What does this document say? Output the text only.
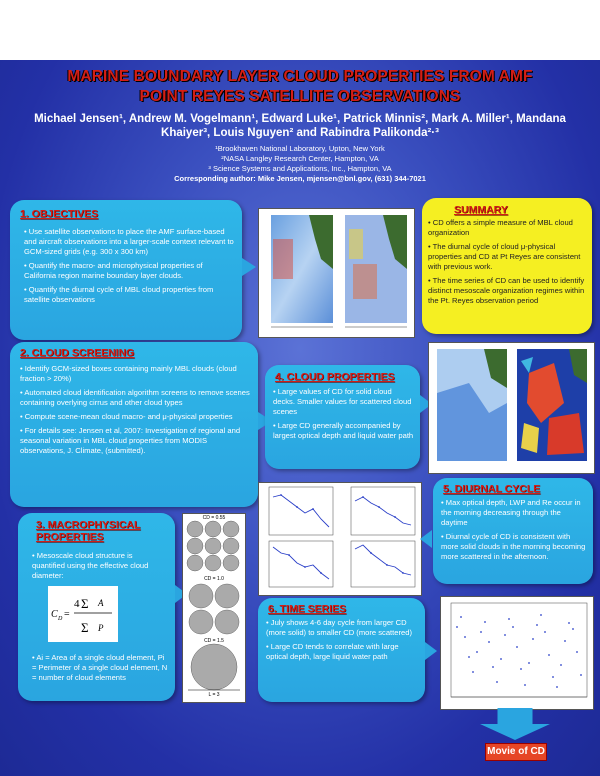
MARINE BOUNDARY LAYER CLOUD PROPERTIES FROM AMF
POINT REYES SATELLITE OBSERVATIONS
Michael Jensen¹, Andrew M. Vogelmann¹, Edward Luke¹, Patrick Minnis², Mark A. Miller¹, Mandana
Khaiyer³, Louis Nguyen² and Rabindra Palikonda²·³
¹Brookhaven National Laboratory, Upton, New York
²NASA Langley Research Center, Hampton, VA
³ Science Systems and Applications, Inc., Hampton, VA
Corresponding author: Mike Jensen, mjensen@bnl.gov, (631) 344-7021
1. OBJECTIVES

• Use satellite observations to place the AMF surface-based and aircraft observations into a larger-scale context relevant to GCM-sized grids (e.g. 300 x 300 km)

• Quantify the macro- and microphysical properties of California region marine boundary layer clouds.

• Quantify the diurnal cycle of MBL cloud properties from satellite observations

SUMMARY

• CD offers a simple measure of MBL cloud organization

• The diurnal cycle of cloud μ-physical properties and CD at Pt Reyes are consistent with previous work.

• The time series of CD can be used to identify distinct mesoscale organization regimes within the Pt. Reyes observation period

2. CLOUD SCREENING

• Identify GCM-sized boxes containing mainly MBL clouds (cloud fraction > 20%)

• Automated cloud identification algorithm screens to remove scenes containing overlying cirrus and other cloud types

• Compute scene-mean cloud macro- and μ-physical properties

• For details see: Jensen et al, 2007: Investigation of regional and seasonal variation in MBL cloud properties from MODIS observations, J. Climate, (submitted).

4. CLOUD PROPERTIES

• Large values of CD for solid cloud decks. Smaller values for scattered cloud scenes

• Large CD generally accompanied by largest optical depth and liquid water path

3. MACROPHYSICAL PROPERTIES
• Mesoscale cloud structure is quantified using the effective cloud diameter:
C D =
4 Σ A
Σ P
• Ai = Area of a single cloud element, Pi = Perimeter of a single cloud element, N = number of cloud elements
CD = 0.55
CD = 1.0
CD = 1.5
L = 3
5. DIURNAL CYCLE

• Max optical depth, LWP and Re occur in the morning decreasing through the daytime

• Diurnal cycle of CD is consistent with more solid clouds in the morning becoming more scattered in the afternoon.

6. TIME SERIES

• July shows 4-6 day cycle from larger CD (more solid) to smaller CD (more scattered)

• Large CD tends to correlate with large optical depth, large liquid water path

Movie of CD
